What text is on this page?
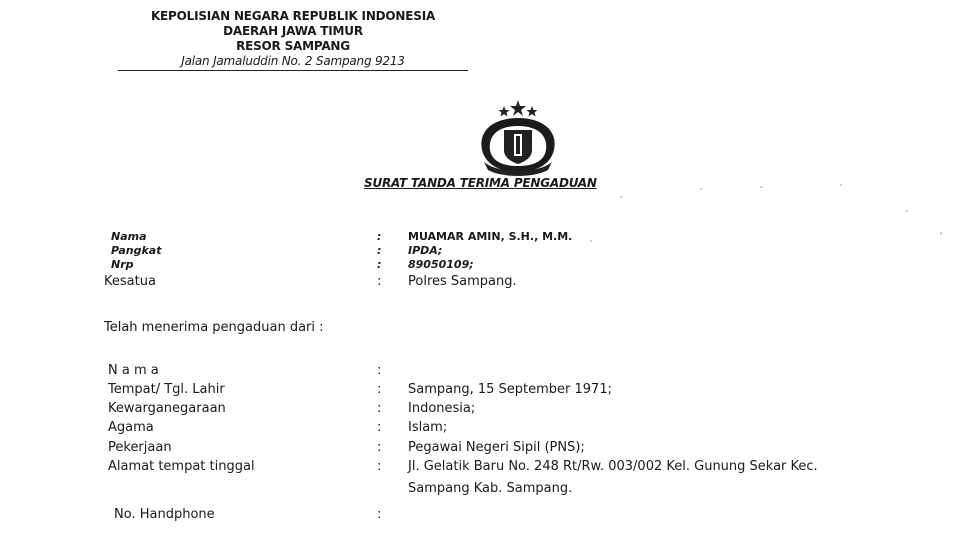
KEPOLISIAN NEGARA REPUBLIK INDONESIA
DAERAH JAWA TIMUR
RESOR SAMPANG
Jalan Jamaluddin No. 2 Sampang 9213
SURAT TANDA TERIMA PENGADUAN
Nama	: MUAMAR AMIN, S.H., M.M.
Pangkat	: IPDA;
Nrp	: 89050109;
Kesatua	: Polres Sampang.
Telah menerima pengaduan dari :
N a m a	:
Tempat/ Tgl. Lahir	: Sampang, 15 September 1971;
Kewarganegaraan	: Indonesia;
Agama	: Islam;
Pekerjaan	: Pegawai Negeri Sipil (PNS);
Alamat tempat tinggal	: Jl. Gelatik Baru No. 248 Rt/Rw. 003/002 Kel. Gunung Sekar Kec.
Sampang Kab. Sampang.
No. Handphone	:
